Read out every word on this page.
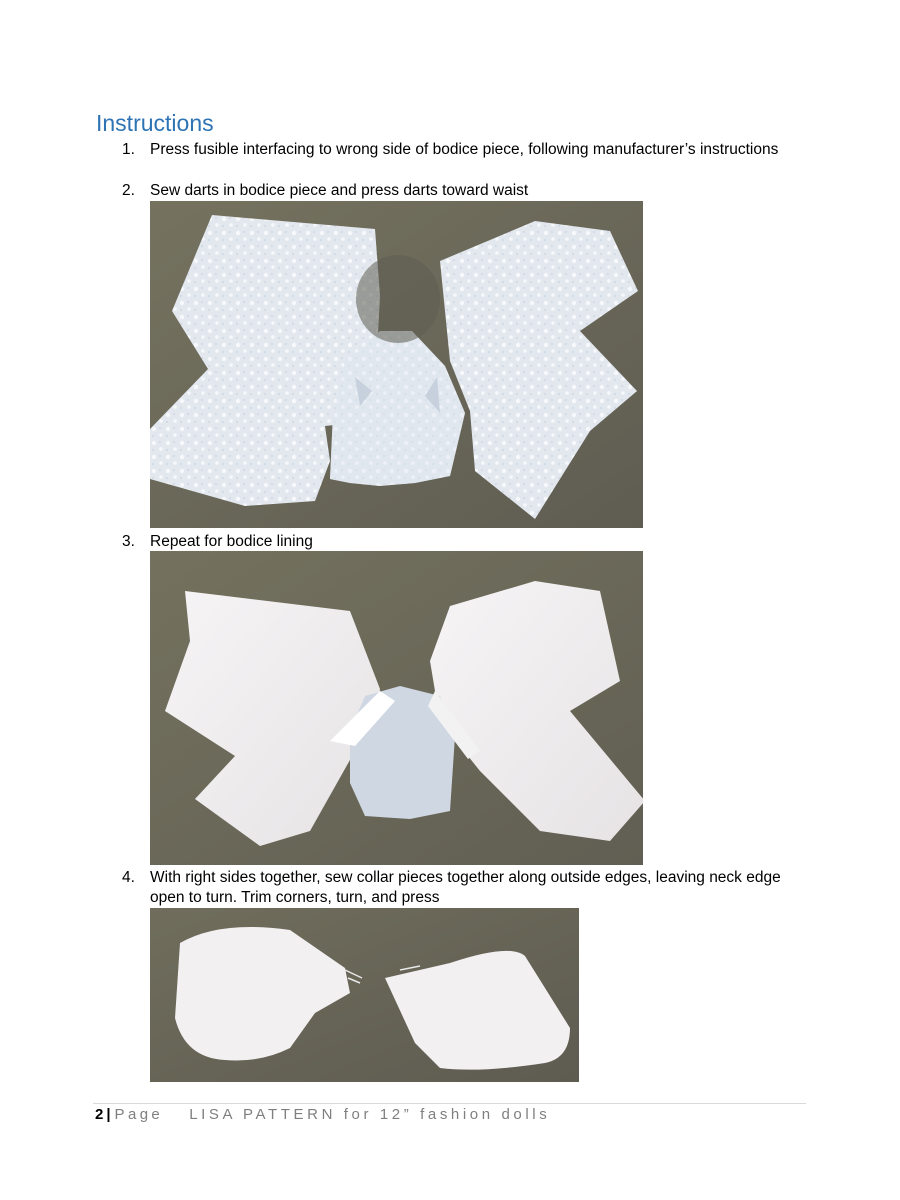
Instructions
1. Press fusible interfacing to wrong side of bodice piece, following manufacturer’s instructions
2. Sew darts in bodice piece and press darts toward waist
3. Repeat for bodice lining
4. With right sides together, sew collar pieces together along outside edges, leaving neck edge open to turn. Trim corners, turn, and press
2 | Page LISA PATTERN for 12” fashion dolls
